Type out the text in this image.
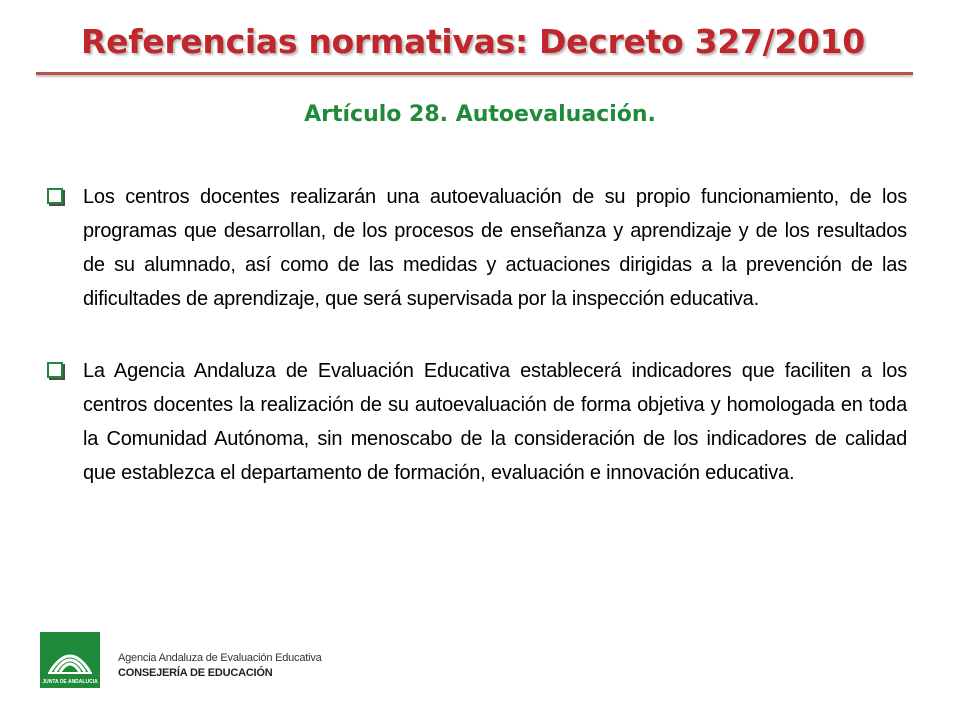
Referencias normativas: Decreto 327/2010
Artículo 28. Autoevaluación.
Los centros docentes realizarán una autoevaluación de su propio funcionamiento, de los programas que desarrollan, de los procesos de enseñanza y aprendizaje y de los resultados de su alumnado, así como de las medidas y actuaciones dirigidas a la prevención de las dificultades de aprendizaje, que será supervisada por la inspección educativa.
La Agencia Andaluza de Evaluación Educativa establecerá indicadores que faciliten a los centros docentes la realización de su autoevaluación de forma objetiva y homologada en toda la Comunidad Autónoma, sin menoscabo de la consideración de los indicadores de calidad que establezca el departamento de formación, evaluación e innovación educativa.
JUNTA DE ANDALUCIA
Agencia Andaluza de Evaluación Educativa
CONSEJERÍA DE EDUCACIÓN
